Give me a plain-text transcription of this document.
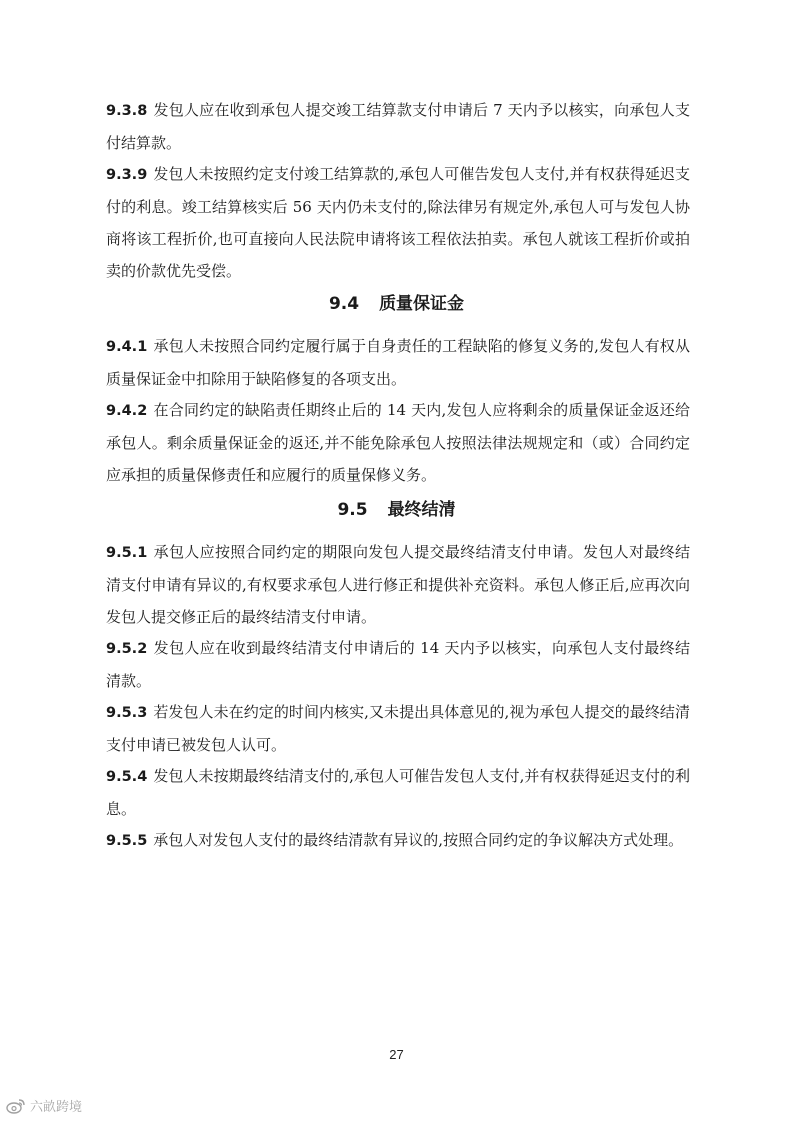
9.3.8 发包人应在收到承包人提交竣工结算款支付申请后 7 天内予以核实，向承包人支付结算款。

9.3.9 发包人未按照约定支付竣工结算款的,承包人可催告发包人支付,并有权获得延迟支付的利息。竣工结算核实后 56 天内仍未支付的,除法律另有规定外,承包人可与发包人协商将该工程折价,也可直接向人民法院申请将该工程依法拍卖。承包人就该工程折价或拍卖的价款优先受偿。

9.4 质量保证金

9.4.1 承包人未按照合同约定履行属于自身责任的工程缺陷的修复义务的,发包人有权从质量保证金中扣除用于缺陷修复的各项支出。

9.4.2 在合同约定的缺陷责任期终止后的 14 天内,发包人应将剩余的质量保证金返还给承包人。剩余质量保证金的返还,并不能免除承包人按照法律法规规定和（或）合同约定应承担的质量保修责任和应履行的质量保修义务。

9.5 最终结清

9.5.1 承包人应按照合同约定的期限向发包人提交最终结清支付申请。发包人对最终结清支付申请有异议的,有权要求承包人进行修正和提供补充资料。承包人修正后,应再次向发包人提交修正后的最终结清支付申请。

9.5.2 发包人应在收到最终结清支付申请后的 14 天内予以核实，向承包人支付最终结清款。

9.5.3 若发包人未在约定的时间内核实,又未提出具体意见的,视为承包人提交的最终结清支付申请已被发包人认可。

9.5.4 发包人未按期最终结清支付的,承包人可催告发包人支付,并有权获得延迟支付的利息。

9.5.5 承包人对发包人支付的最终结清款有异议的,按照合同约定的争议解决方式处理。

27
六畝跨境
